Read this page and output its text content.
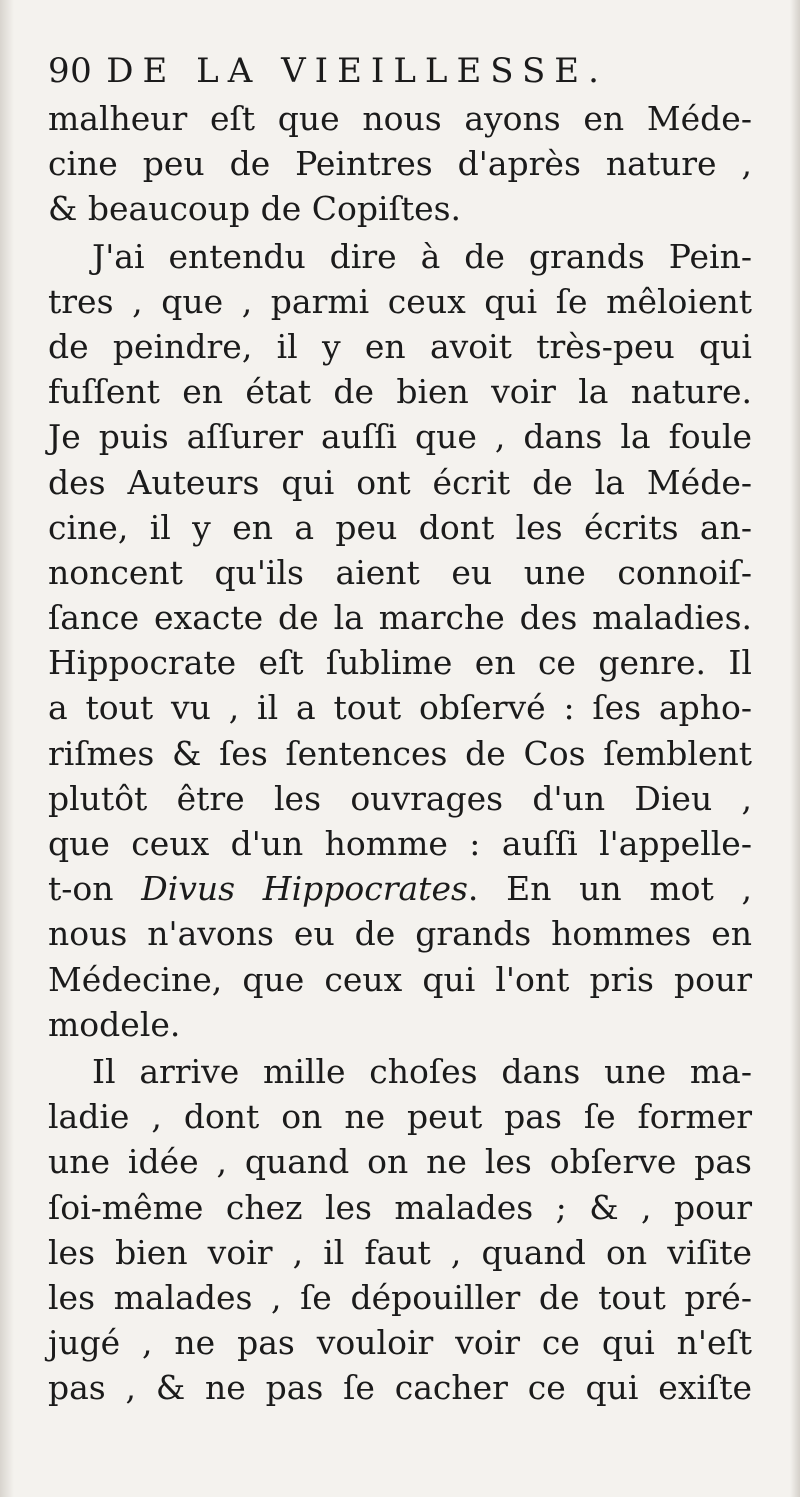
90 DE LA VIEILLESSE.
malheur eſt que nous ayons en Méde-
cine peu de Peintres d'après nature ,
& beaucoup de Copiſtes.
J'ai entendu dire à de grands Pein-
tres , que , parmi ceux qui ſe mêloient
de peindre, il y en avoit très-peu qui
fuſſent en état de bien voir la nature.
Je puis aſſurer auſſi que , dans la foule
des Auteurs qui ont écrit de la Méde-
cine, il y en a peu dont les écrits an-
noncent qu'ils aient eu une connoiſ-
ſance exacte de la marche des maladies.
Hippocrate eſt ſublime en ce genre. Il
a tout vu , il a tout obſervé : ſes apho-
riſmes & ſes ſentences de Cos ſemblent
plutôt être les ouvrages d'un Dieu ,
que ceux d'un homme : auſſi l'appelle-
t-on Divus Hippocrates. En un mot ,
nous n'avons eu de grands hommes en
Médecine, que ceux qui l'ont pris pour
modele.
Il arrive mille choſes dans une ma-
ladie , dont on ne peut pas ſe former
une idée , quand on ne les obſerve pas
ſoi-même chez les malades ; & , pour
les bien voir , il faut , quand on viſite
les malades , ſe dépouiller de tout pré-
jugé , ne pas vouloir voir ce qui n'eſt
pas , & ne pas ſe cacher ce qui exiſte
